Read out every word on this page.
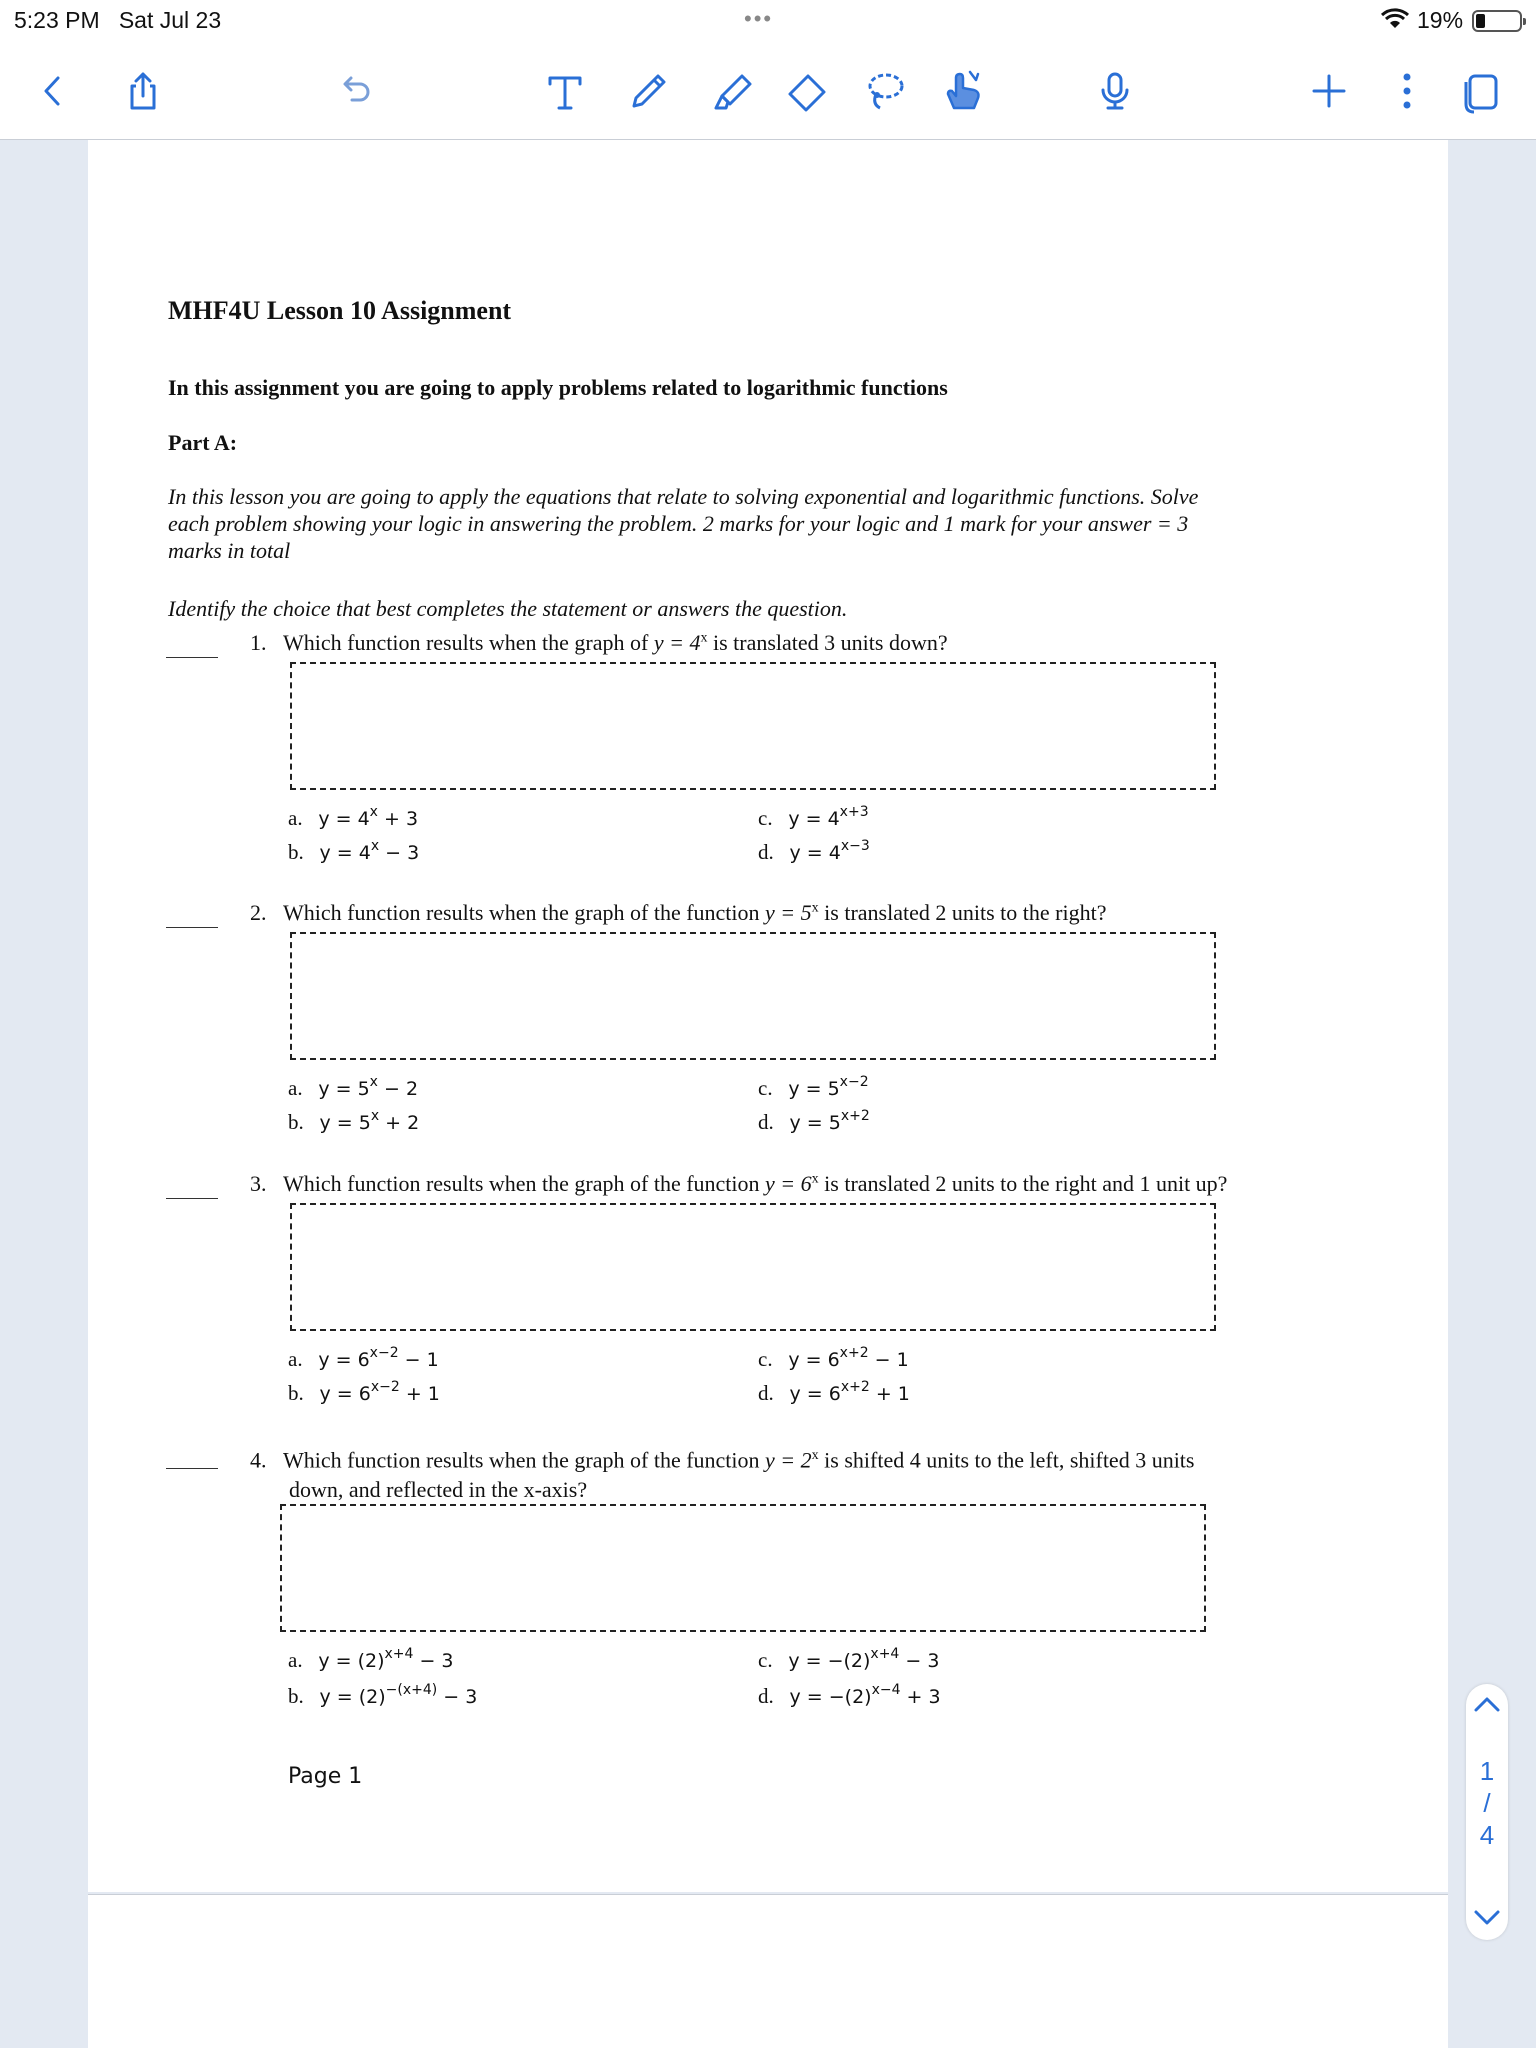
5:23 PM Sat Jul 23	•••	19%
MHF4U Lesson 10 Assignment
In this assignment you are going to apply problems related to logarithmic functions
Part A:
In this lesson you are going to apply the equations that relate to solving exponential and logarithmic functions. Solve
each problem showing your logic in answering the problem. 2 marks for your logic and 1 mark for your answer = 3
marks in total
Identify the choice that best completes the statement or answers the question.
1. Which function results when the graph of $y = 4^x$ is translated 3 units down?
a. $y = 4^x + 3$
b. $y = 4^x - 3$
c. $y = 4^{x+3}$
d. $y = 4^{x-3}$
2. Which function results when the graph of the function $y = 5^x$ is translated 2 units to the right?
a. $y = 5^x - 2$
b. $y = 5^x + 2$
c. $y = 5^{x-2}$
d. $y = 5^{x+2}$
3. Which function results when the graph of the function $y = 6^x$ is translated 2 units to the right and 1 unit up?
a. $y = 6^{x-2} - 1$
b. $y = 6^{x-2} + 1$
c. $y = 6^{x+2} - 1$
d. $y = 6^{x+2} + 1$
4. Which function results when the graph of the function $y = 2^x$ is shifted 4 units to the left, shifted 3 units
down, and reflected in the x-axis?
a. $y = (2)^{x+4} - 3$
b. $y = (2)^{-(x+4)} - 3$
c. $y = -(2)^{x+4} - 3$
d. $y = -(2)^{x-4} + 3$
Page 1	1
/
4
